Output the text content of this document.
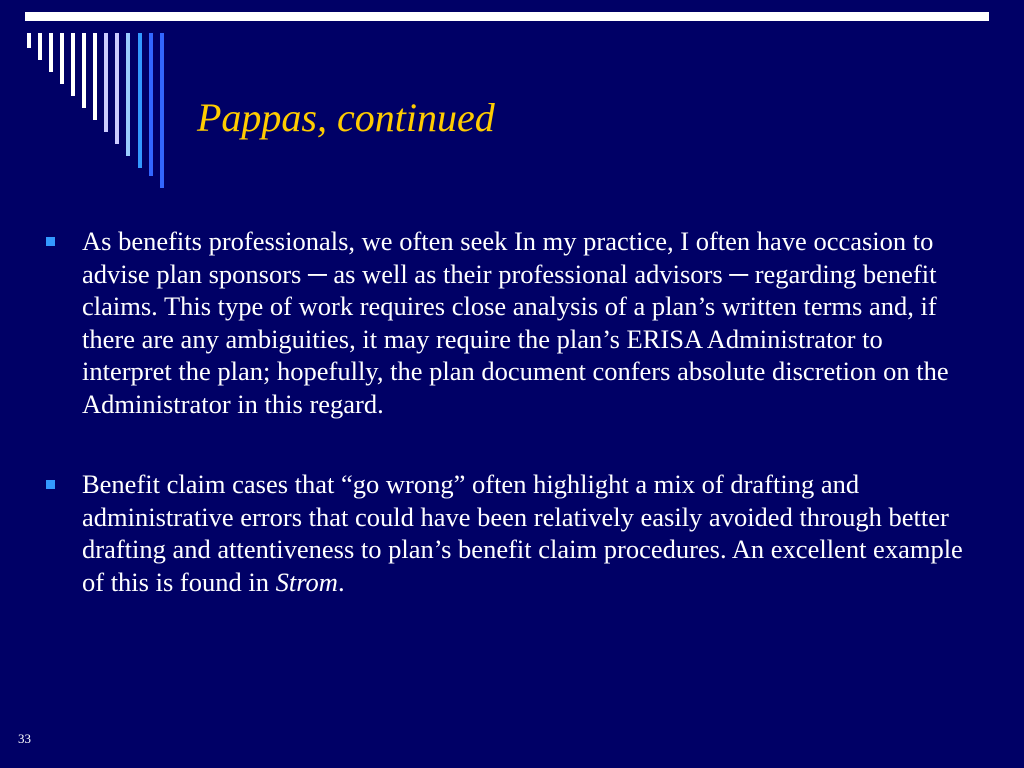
Pappas, continued
As benefits professionals, we often seek In my practice, I often have occasion to advise plan sponsors ─ as well as their professional advisors ─ regarding benefit claims. This type of work requires close analysis of a plan’s written terms and, if there are any ambiguities, it may require the plan’s ERISA Administrator to interpret the plan; hopefully, the plan document confers absolute discretion on the Administrator in this regard.
Benefit claim cases that “go wrong” often highlight a mix of drafting and administrative errors that could have been relatively easily avoided through better drafting and attentiveness to plan’s benefit claim procedures. An excellent example of this is found in Strom.
33
